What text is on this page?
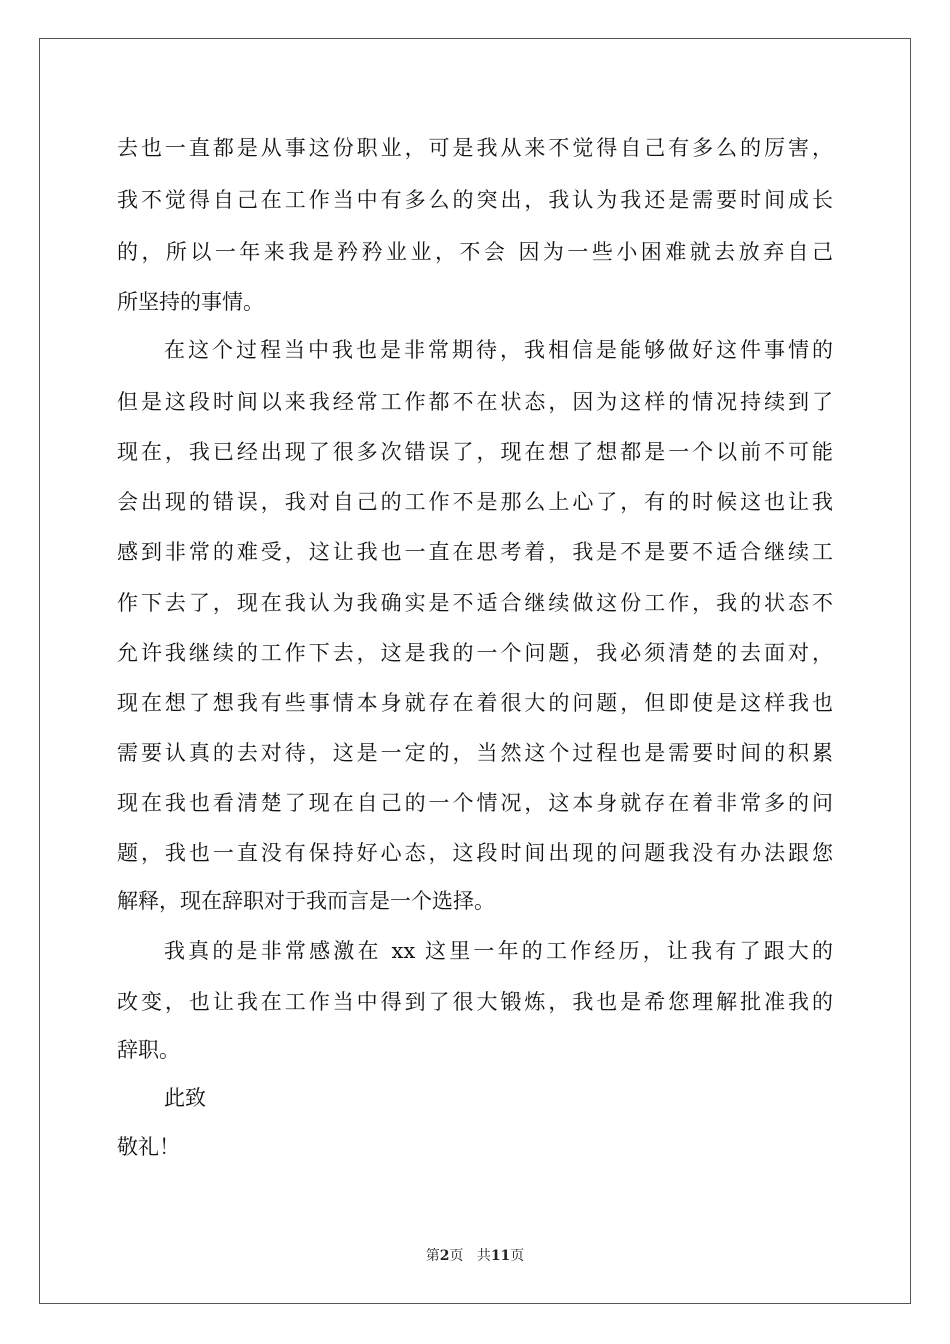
去也一直都是从事这份职业，可是我从来不觉得自己有多么的厉害，
我不觉得自己在工作当中有多么的突出，我认为我还是需要时间成长
的，所以一年来我是矜矜业业，不会 因为一些小困难就去放弃自己
所坚持的事情。
在这个过程当中我也是非常期待，我相信是能够做好这件事情的
但是这段时间以来我经常工作都不在状态，因为这样的情况持续到了
现在，我已经出现了很多次错误了，现在想了想都是一个以前不可能
会出现的错误，我对自己的工作不是那么上心了，有的时候这也让我
感到非常的难受，这让我也一直在思考着，我是不是要不适合继续工
作下去了，现在我认为我确实是不适合继续做这份工作，我的状态不
允许我继续的工作下去，这是我的一个问题，我必须清楚的去面对，
现在想了想我有些事情本身就存在着很大的问题，但即使是这样我也
需要认真的去对待，这是一定的，当然这个过程也是需要时间的积累
现在我也看清楚了现在自己的一个情况，这本身就存在着非常多的问
题，我也一直没有保持好心态，这段时间出现的问题我没有办法跟您
解释，现在辞职对于我而言是一个选择。
我真的是非常感激在 xx 这里一年的工作经历，让我有了跟大的
改变，也让我在工作当中得到了很大锻炼，我也是希您理解批准我的
辞职。
此致
敬礼！
第2页 共11页
